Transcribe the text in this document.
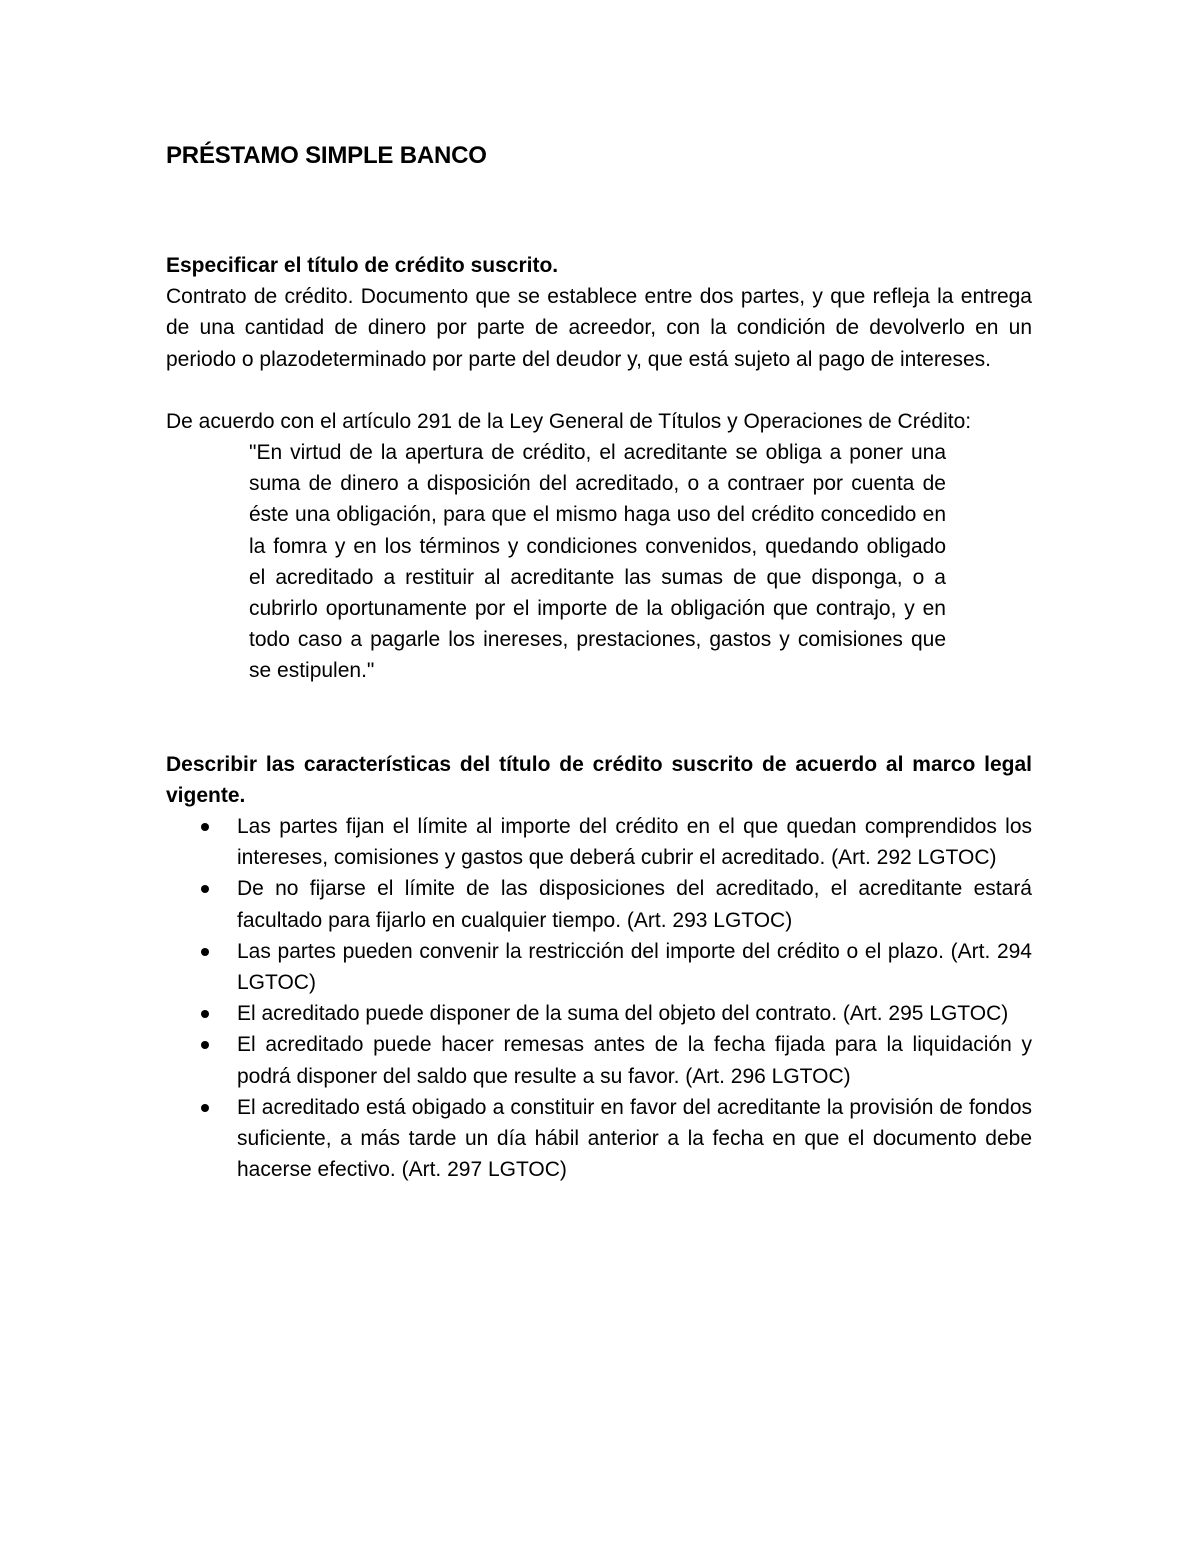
PRÉSTAMO SIMPLE BANCO

Especificar el título de crédito suscrito.

Contrato de crédito. Documento que se establece entre dos partes, y que refleja la entrega de una cantidad de dinero por parte de acreedor, con la condición de devolverlo en un periodo o plazodeterminado por parte del deudor y, que está sujeto al pago de intereses.

De acuerdo con el artículo 291 de la Ley General de Títulos y Operaciones de Crédito:

"En virtud de la apertura de crédito, el acreditante se obliga a poner una suma de dinero a disposición del acreditado, o a contraer por cuenta de éste una obligación, para que el mismo haga uso del crédito concedido en la fomra y en los términos y condiciones convenidos, quedando obligado el acreditado a restituir al acreditante las sumas de que disponga, o a cubrirlo oportunamente por el importe de la obligación que contrajo, y en todo caso a pagarle los inereses, prestaciones, gastos y comisiones que se estipulen."

Describir las características del título de crédito suscrito de acuerdo al marco legal vigente.

Las partes fijan el límite al importe del crédito en el que quedan comprendidos los intereses, comisiones y gastos que deberá cubrir el acreditado. (Art. 292 LGTOC)
De no fijarse el límite de las disposiciones del acreditado, el acreditante estará facultado para fijarlo en cualquier tiempo. (Art. 293 LGTOC)
Las partes pueden convenir la restricción del importe del crédito o el plazo. (Art. 294 LGTOC)
El acreditado puede disponer de la suma del objeto del contrato. (Art. 295 LGTOC)
El acreditado puede hacer remesas antes de la fecha fijada para la liquidación y podrá disponer del saldo que resulte a su favor. (Art. 296 LGTOC)
El acreditado está obigado a constituir en favor del acreditante la provisión de fondos suficiente, a más tarde un día hábil anterior a la fecha en que el documento debe hacerse efectivo. (Art. 297 LGTOC)
